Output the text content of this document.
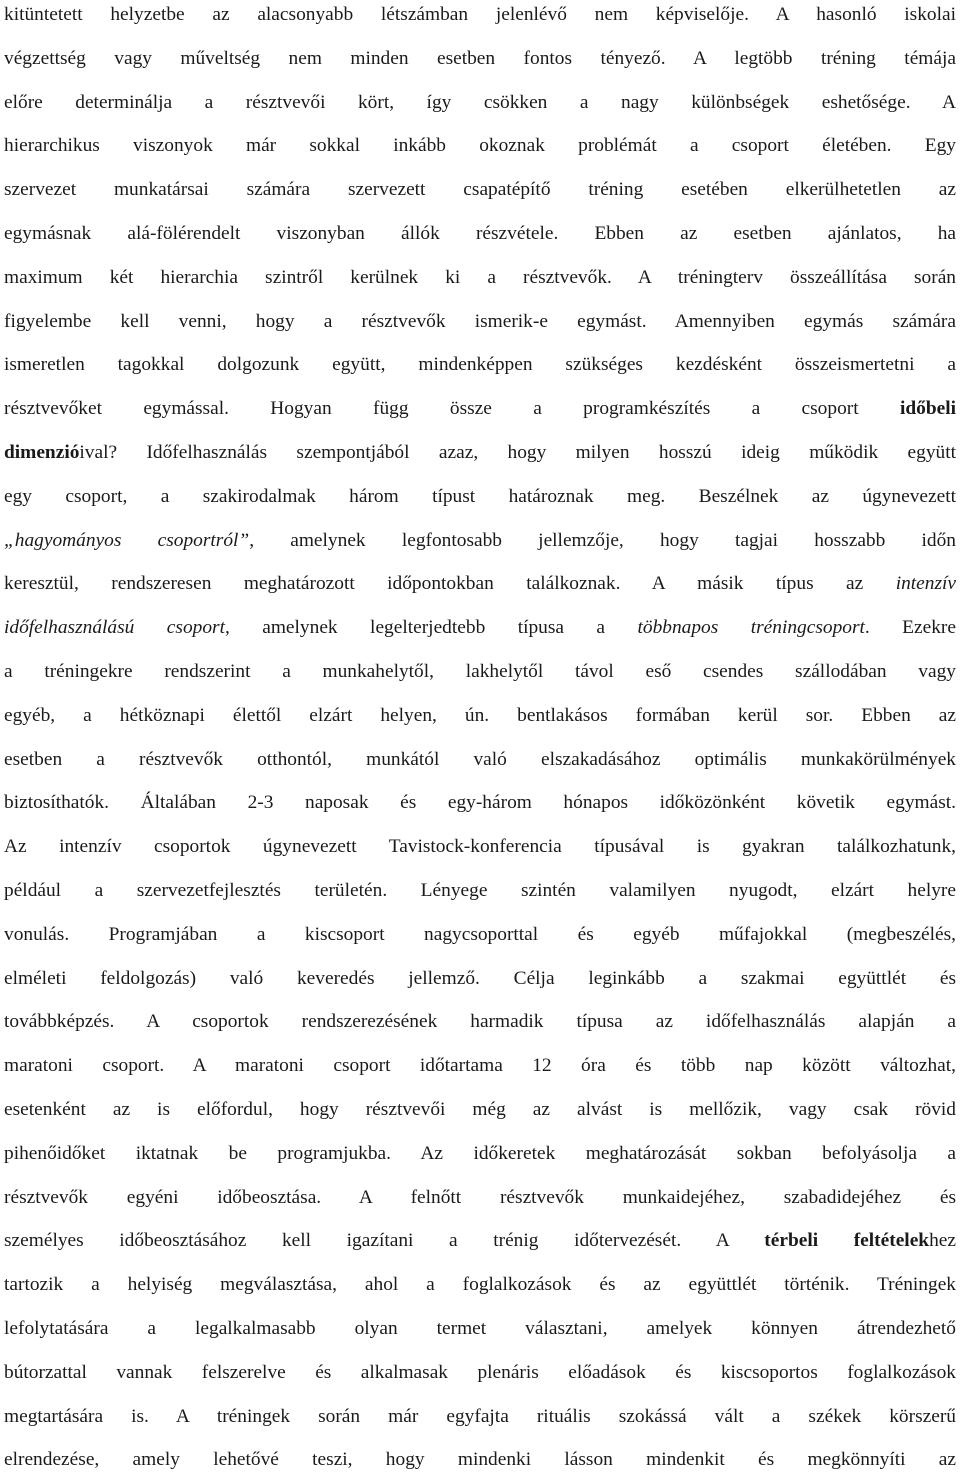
kitüntetett helyzetbe az alacsonyabb létszámban jelenlévő nem képviselője. A hasonló iskolai
végzettség vagy műveltség nem minden esetben fontos tényező. A legtöbb tréning témája
előre determinálja a résztvevői kört, így csökken a nagy különbségek eshetősége. A
hierarchikus viszonyok már sokkal inkább okoznak problémát a csoport életében. Egy
szervezet munkatársai számára szervezett csapatépítő tréning esetében elkerülhetetlen az
egymásnak alá-fölérendelt viszonyban állók részvétele. Ebben az esetben ajánlatos, ha
maximum két hierarchia szintről kerülnek ki a résztvevők. A tréningterv összeállítása során
figyelembe kell venni, hogy a résztvevők ismerik-e egymást. Amennyiben egymás számára
ismeretlen tagokkal dolgozunk együtt, mindenképpen szükséges kezdésként összeismertetni a
résztvevőket egymással. Hogyan függ össze a programkészítés a csoport időbeli
dimenzióival? Időfelhasználás szempontjából azaz, hogy milyen hosszú ideig működik együtt
egy csoport, a szakirodalmak három típust határoznak meg. Beszélnek az úgynevezett
„hagyományos csoportról”, amelynek legfontosabb jellemzője, hogy tagjai hosszabb időn
keresztül, rendszeresen meghatározott időpontokban találkoznak. A másik típus az intenzív
időfelhasználású csoport, amelynek legelterjedtebb típusa a többnapos tréningcsoport. Ezekre
a tréningekre rendszerint a munkahelytől, lakhelytől távol eső csendes szállodában vagy
egyéb, a hétköznapi élettől elzárt helyen, ún. bentlakásos formában kerül sor. Ebben az
esetben a résztvevők otthontól, munkától való elszakadásához optimális munkakörülmények
biztosíthatók. Általában 2-3 naposak és egy-három hónapos időközönként követik egymást.
Az intenzív csoportok úgynevezett Tavistock-konferencia típusával is gyakran találkozhatunk,
például a szervezetfejlesztés területén. Lényege szintén valamilyen nyugodt, elzárt helyre
vonulás. Programjában a kiscsoport nagycsoporttal és egyéb műfajokkal (megbeszélés,
elméleti feldolgozás) való keveredés jellemző. Célja leginkább a szakmai együttlét és
továbbképzés. A csoportok rendszerezésének harmadik típusa az időfelhasználás alapján a
maratoni csoport. A maratoni csoport időtartama 12 óra és több nap között változhat,
esetenként az is előfordul, hogy résztvevői még az alvást is mellőzik, vagy csak rövid
pihenőidőket iktatnak be programjukba. Az időkeretek meghatározását sokban befolyásolja a
résztvevők egyéni időbeosztása. A felnőtt résztvevők munkaidejéhez, szabadidejéhez és
személyes időbeosztásához kell igazítani a trénig időtervezését. A térbeli feltételekhez
tartozik a helyiség megválasztása, ahol a foglalkozások és az együttlét történik. Tréningek
lefolytatására a legalkalmasabb olyan termet választani, amelyek könnyen átrendezhető
bútorzattal vannak felszerelve és alkalmasak plenáris előadások és kiscsoportos foglalkozások
megtartására is. A tréningek során már egyfajta rituális szokássá vált a székek körszerű
elrendezése, amely lehetővé teszi, hogy mindenki lásson mindenkit és megkönnyíti az
